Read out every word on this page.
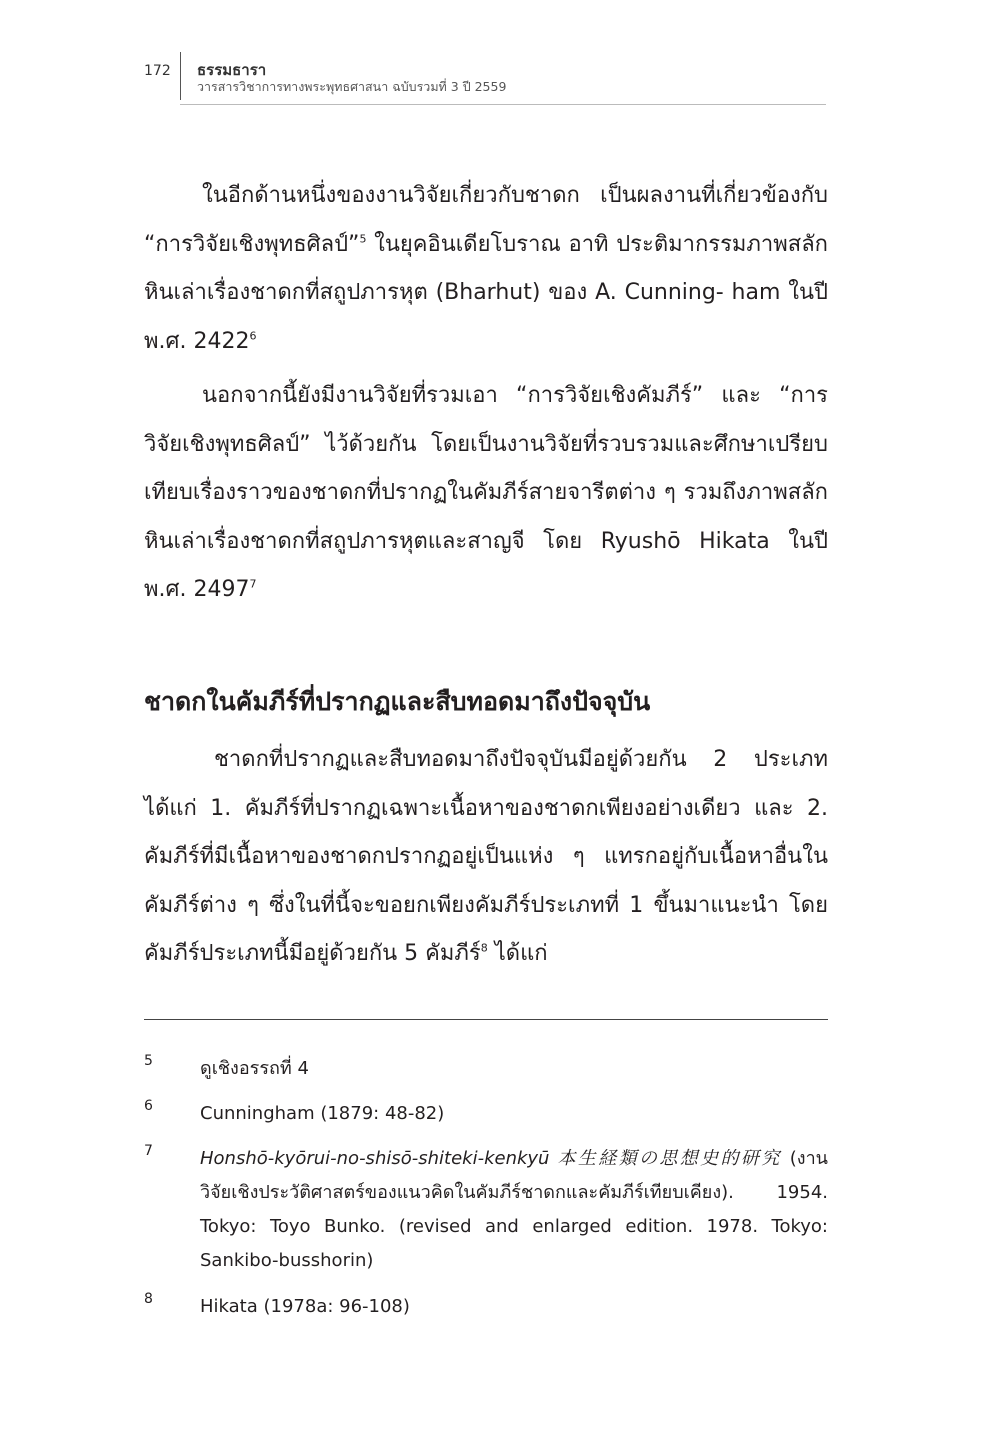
172 ธรรมธารา
วารสารวิชาการทางพระพุทธศาสนา ฉบับรวมที่ 3 ปี 2559

ในอีกด้านหนึ่งของงานวิจัยเกี่ยวกับชาดก เป็นผลงานที่เกี่ยวข้องกับ “การวิจัยเชิงพุทธศิลป์”$^5$ ในยุคอินเดียโบราณ อาทิ ประติมากรรมภาพสลักหินเล่าเรื่องชาดกที่สถูปภารหุต (Bharhut) ของ A. Cunning- ham ในปี พ.ศ. 2422$^6$

นอกจากนี้ยังมีงานวิจัยที่รวมเอา “การวิจัยเชิงคัมภีร์” และ “การวิจัยเชิงพุทธศิลป์” ไว้ด้วยกัน โดยเป็นงานวิจัยที่รวบรวมและศึกษาเปรียบเทียบเรื่องราวของชาดกที่ปรากฏในคัมภีร์สายจารีตต่าง ๆ รวมถึงภาพสลักหินเล่าเรื่องชาดกที่สถูปภารหุตและสาญจี โดย Ryushō Hikata ในปี พ.ศ. 2497$^7$

ชาดกในคัมภีร์ที่ปรากฏและสืบทอดมาถึงปัจจุบัน

ชาดกที่ปรากฏและสืบทอดมาถึงปัจจุบันมีอยู่ด้วยกัน 2 ประเภท ได้แก่ 1. คัมภีร์ที่ปรากฏเฉพาะเนื้อหาของชาดกเพียงอย่างเดียว และ 2. คัมภีร์ที่มีเนื้อหาของชาดกปรากฏอยู่เป็นแห่ง ๆ แทรกอยู่กับเนื้อหาอื่นในคัมภีร์ต่าง ๆ ซึ่งในที่นี้จะขอยกเพียงคัมภีร์ประเภทที่ 1 ขึ้นมาแนะนำ โดยคัมภีร์ประเภทนี้มีอยู่ด้วยกัน 5 คัมภีร์$^8$ ได้แก่

5	ดูเชิงอรรถที่ 4
6	Cunningham (1879: 48-82)
7	Honshō-kyōrui-no-shisō-shiteki-kenkyū 本生経類の思想史的研究 (งานวิจัยเชิงประวัติศาสตร์ของแนวคิดในคัมภีร์ชาดกและคัมภีร์เทียบเคียง). 1954. Tokyo: Toyo Bunko. (revised and enlarged edition. 1978. Tokyo: Sankibo-busshorin)
8	Hikata (1978a: 96-108)
